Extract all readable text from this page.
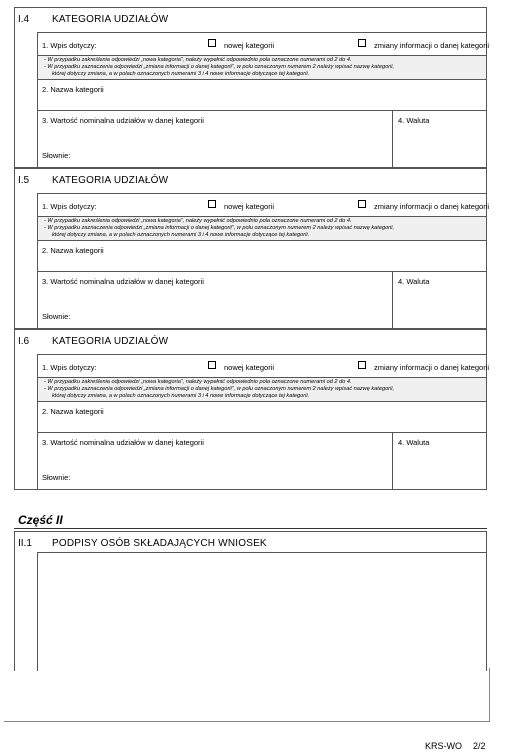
I.4 KATEGORIA UDZIAŁÓW
1. Wpis dotyczy:	nowej kategorii	zmiany informacji o danej kategorii
- W przypadku zakreślenia odpowiedzi „nowa kategoria”, należy wypełnić odpowiednio pola oznaczone numerami od 2 do 4.
- W przypadku zaznaczenia odpowiedzi „zmiana informacji o danej kategorii”, w polu oznaczonym numerem 2 należy wpisać nazwę kategorii,
której dotyczy zmiana, a w polach oznaczonych numerami 3 i 4 nowe informacje dotyczące tej kategorii.
2. Nazwa kategorii
3. Wartość nominalna udziałów w danej kategorii
Słownie:
4. Waluta
I.5 KATEGORIA UDZIAŁÓW
1. Wpis dotyczy:	nowej kategorii	zmiany informacji o danej kategorii
- W przypadku zakreślenia odpowiedzi „nowa kategoria”, należy wypełnić odpowiednio pola oznaczone numerami od 2 do 4.
- W przypadku zaznaczenia odpowiedzi „zmiana informacji o danej kategorii”, w polu oznaczonym numerem 2 należy wpisać nazwę kategorii,
której dotyczy zmiana, a w polach oznaczonych numerami 3 i 4 nowe informacje dotyczące tej kategorii.
2. Nazwa kategorii
3. Wartość nominalna udziałów w danej kategorii
Słownie:
4. Waluta
I.6 KATEGORIA UDZIAŁÓW
1. Wpis dotyczy:	nowej kategorii	zmiany informacji o danej kategorii
- W przypadku zakreślenia odpowiedzi „nowa kategoria”, należy wypełnić odpowiednio pola oznaczone numerami od 2 do 4.
- W przypadku zaznaczenia odpowiedzi „zmiana informacji o danej kategorii”, w polu oznaczonym numerem 2 należy wpisać nazwę kategorii,
której dotyczy zmiana, a w polach oznaczonych numerami 3 i 4 nowe informacje dotyczące tej kategorii.
2. Nazwa kategorii
3. Wartość nominalna udziałów w danej kategorii
Słownie:
4. Waluta
Część II
II.1 PODPISY OSÓB SKŁADAJĄCYCH WNIOSEK
KRS-WO 2/2
